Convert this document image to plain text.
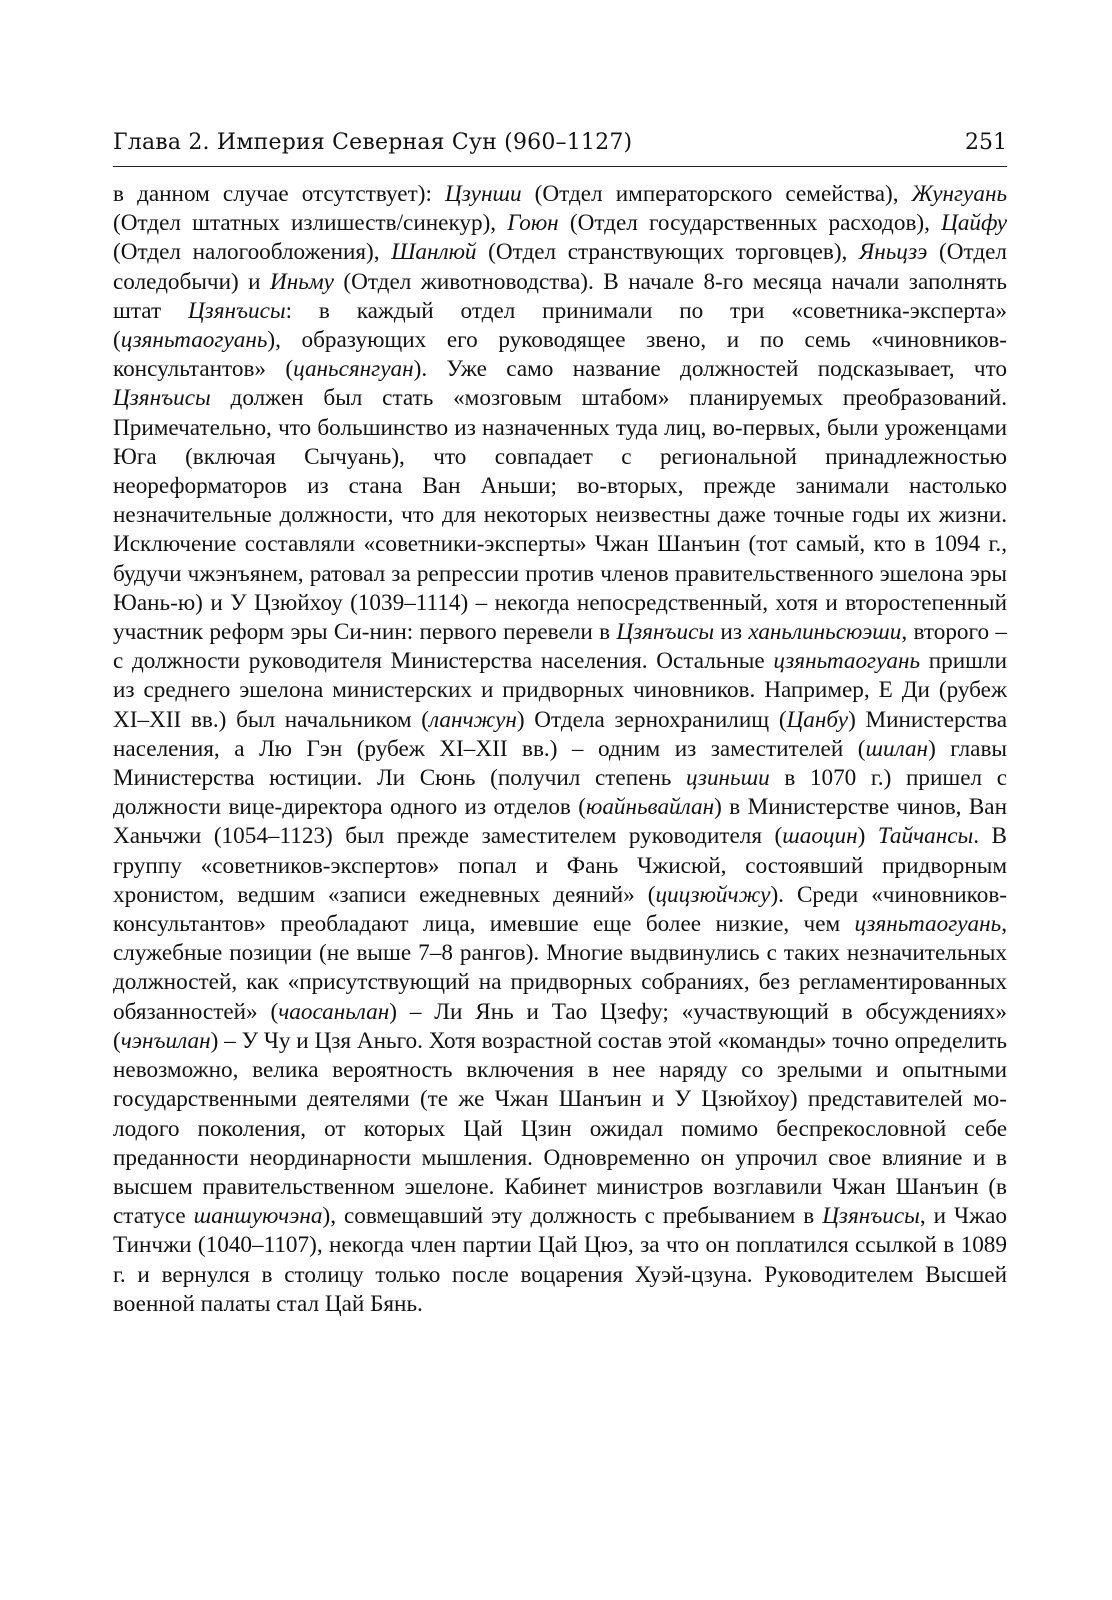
Глава 2. Империя Северная Сун (960–1127)	251

в данном случае отсутствует): Цзунши (Отдел императорского семейства), Жунгуань (Отдел штатных излишеств/синекур), Гоюн (Отдел государственных расходов), Цайфу (Отдел налогообложения), Шанлюй (Отдел странствующих торговцев), Яньцзэ (Отдел соледобычи) и Иньму (Отдел животноводства). В начале 8-го месяца начали заполнять штат Цзянъисы: в каждый отдел принимали по три «советника-эксперта» (цзяньтаогуань), образующих его руководящее звено, и по семь «чиновников-консультантов» (цаньсянгуан). Уже само название должностей подсказывает, что Цзянъисы должен был стать «мозговым штабом» планируемых преобразований. Примечательно, что большинство из назначенных туда лиц, во-первых, были уроженцами Юга (включая Сычуань), что совпадает с региональной принадлежностью неореформаторов из стана Ван Аньши; во-вторых, прежде занимали настолько незначительные должности, что для некоторых неизвестны даже точные годы их жизни. Исключение составляли «советники-эксперты» Чжан Шанъин (тот самый, кто в 1094 г., будучи чжэнъянем, ратовал за репрессии против членов правительственного эшелона эры Юань-ю) и У Цзюйхоу (1039–1114) – некогда непосредственный, хотя и второстепенный участник реформ эры Си-нин: первого перевели в Цзянъисы из ханьлиньсюэши, второго – с должности руководителя Министерства населения. Остальные цзяньтаогуань пришли из среднего эшелона министерских и придворных чиновников. Например, Е Ди (рубеж XI–XII вв.) был начальником (ланчжун) Отдела зернохранилищ (Цанбу) Министерства населения, а Лю Гэн (рубеж XI–XII вв.) – одним из заместителей (шилан) главы Министерства юстиции. Ли Сюнь (получил степень цзиньши в 1070 г.) пришел с должности вице-директора одного из отделов (юайньвайлан) в Министерстве чинов, Ван Ханьчжи (1054–1123) был прежде заместителем руководителя (шаоцин) Тайчансы. В группу «советников-экспертов» попал и Фань Чжисюй, состоявший придворным хронистом, ведшим «записи ежедневных деяний» (цицзюйчжу). Среди «чиновников-консультантов» преобладают лица, имевшие еще более низкие, чем цзяньтаогуань, служебные позиции (не выше 7–8 рангов). Многие выдвинулись с таких незначительных должностей, как «присутствующий на придворных собраниях, без регламентированных обязанностей» (чаосаньлан) – Ли Янь и Тао Цзефу; «участвующий в обсуждениях» (чэнъилан) – У Чу и Цзя Аньго. Хотя возрастной состав этой «команды» точно определить невозможно, велика вероятность включения в нее наряду со зрелыми и опытными государственными деятелями (те же Чжан Шанъин и У Цзюйхоу) представителей молодого поколения, от которых Цай Цзин ожидал помимо беспрекословной себе преданности неординарности мышления. Одновременно он упрочил свое влияние и в высшем правительственном эшелоне. Кабинет министров возглавили Чжан Шанъин (в статусе шаншуючэна), совмещавший эту должность с пребыванием в Цзянъисы, и Чжао Тинчжи (1040–1107), некогда член партии Цай Цюэ, за что он поплатился ссылкой в 1089 г. и вернулся в столицу только после воцарения Хуэй-цзуна. Руководителем Высшей военной палаты стал Цай Бянь.
